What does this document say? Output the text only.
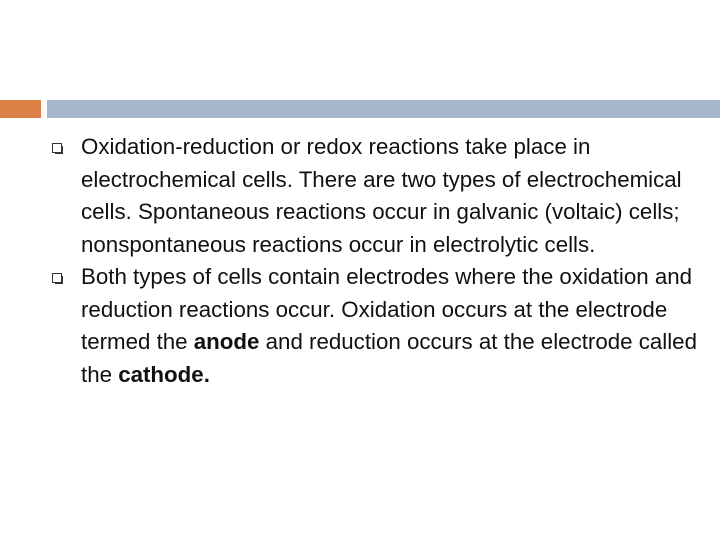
Oxidation-reduction or redox reactions take place in electrochemical cells. There are two types of electrochemical cells. Spontaneous reactions occur in galvanic (voltaic) cells; nonspontaneous reactions occur in electrolytic cells.
Both types of cells contain electrodes where the oxidation and reduction reactions occur. Oxidation occurs at the electrode termed the anode and reduction occurs at the electrode called the cathode.
